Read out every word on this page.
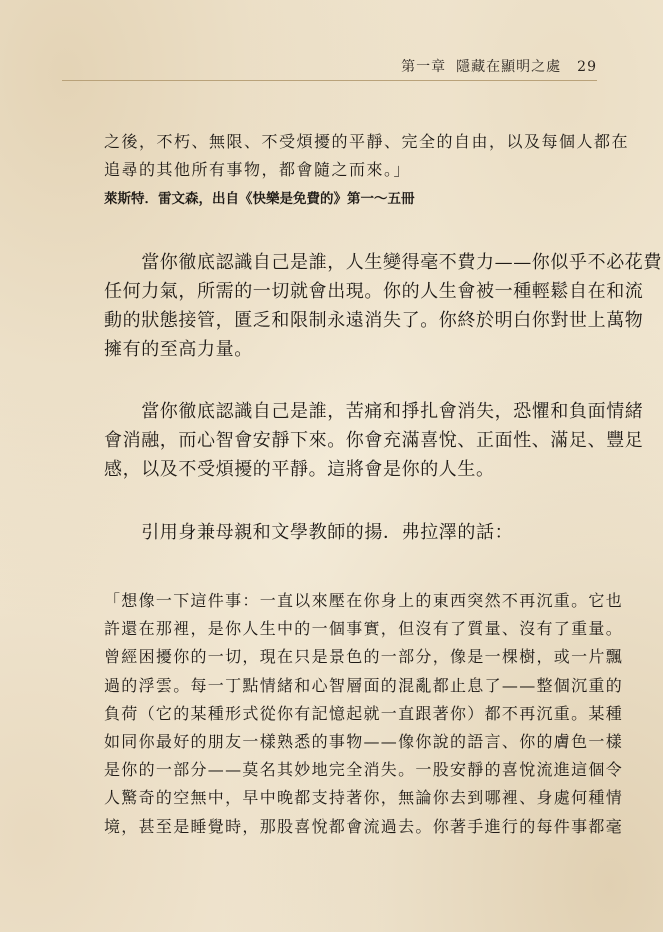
第一章 隱藏在顯明之處 29
之後，不朽、無限、不受煩擾的平靜、完全的自由，以及每個人都在
追尋的其他所有事物，都會隨之而來。」
萊斯特．雷文森，出自《快樂是免費的》第一～五冊
　　當你徹底認識自己是誰，人生變得毫不費力——你似乎不必花費
任何力氣，所需的一切就會出現。你的人生會被一種輕鬆自在和流
動的狀態接管，匱乏和限制永遠消失了。你終於明白你對世上萬物
擁有的至高力量。
　　當你徹底認識自己是誰，苦痛和掙扎會消失，恐懼和負面情緒
會消融，而心智會安靜下來。你會充滿喜悅、正面性、滿足、豐足
感，以及不受煩擾的平靜。這將會是你的人生。
　　引用身兼母親和文學教師的揚．弗拉澤的話：
「想像一下這件事：一直以來壓在你身上的東西突然不再沉重。它也
許還在那裡，是你人生中的一個事實，但沒有了質量、沒有了重量。
曾經困擾你的一切，現在只是景色的一部分，像是一棵樹，或一片飄
過的浮雲。每一丁點情緒和心智層面的混亂都止息了——整個沉重的
負荷（它的某種形式從你有記憶起就一直跟著你）都不再沉重。某種
如同你最好的朋友一樣熟悉的事物——像你說的語言、你的膚色一樣
是你的一部分——莫名其妙地完全消失。一股安靜的喜悅流進這個令
人驚奇的空無中，早中晚都支持著你，無論你去到哪裡、身處何種情
境，甚至是睡覺時，那股喜悅都會流過去。你著手進行的每件事都毫
